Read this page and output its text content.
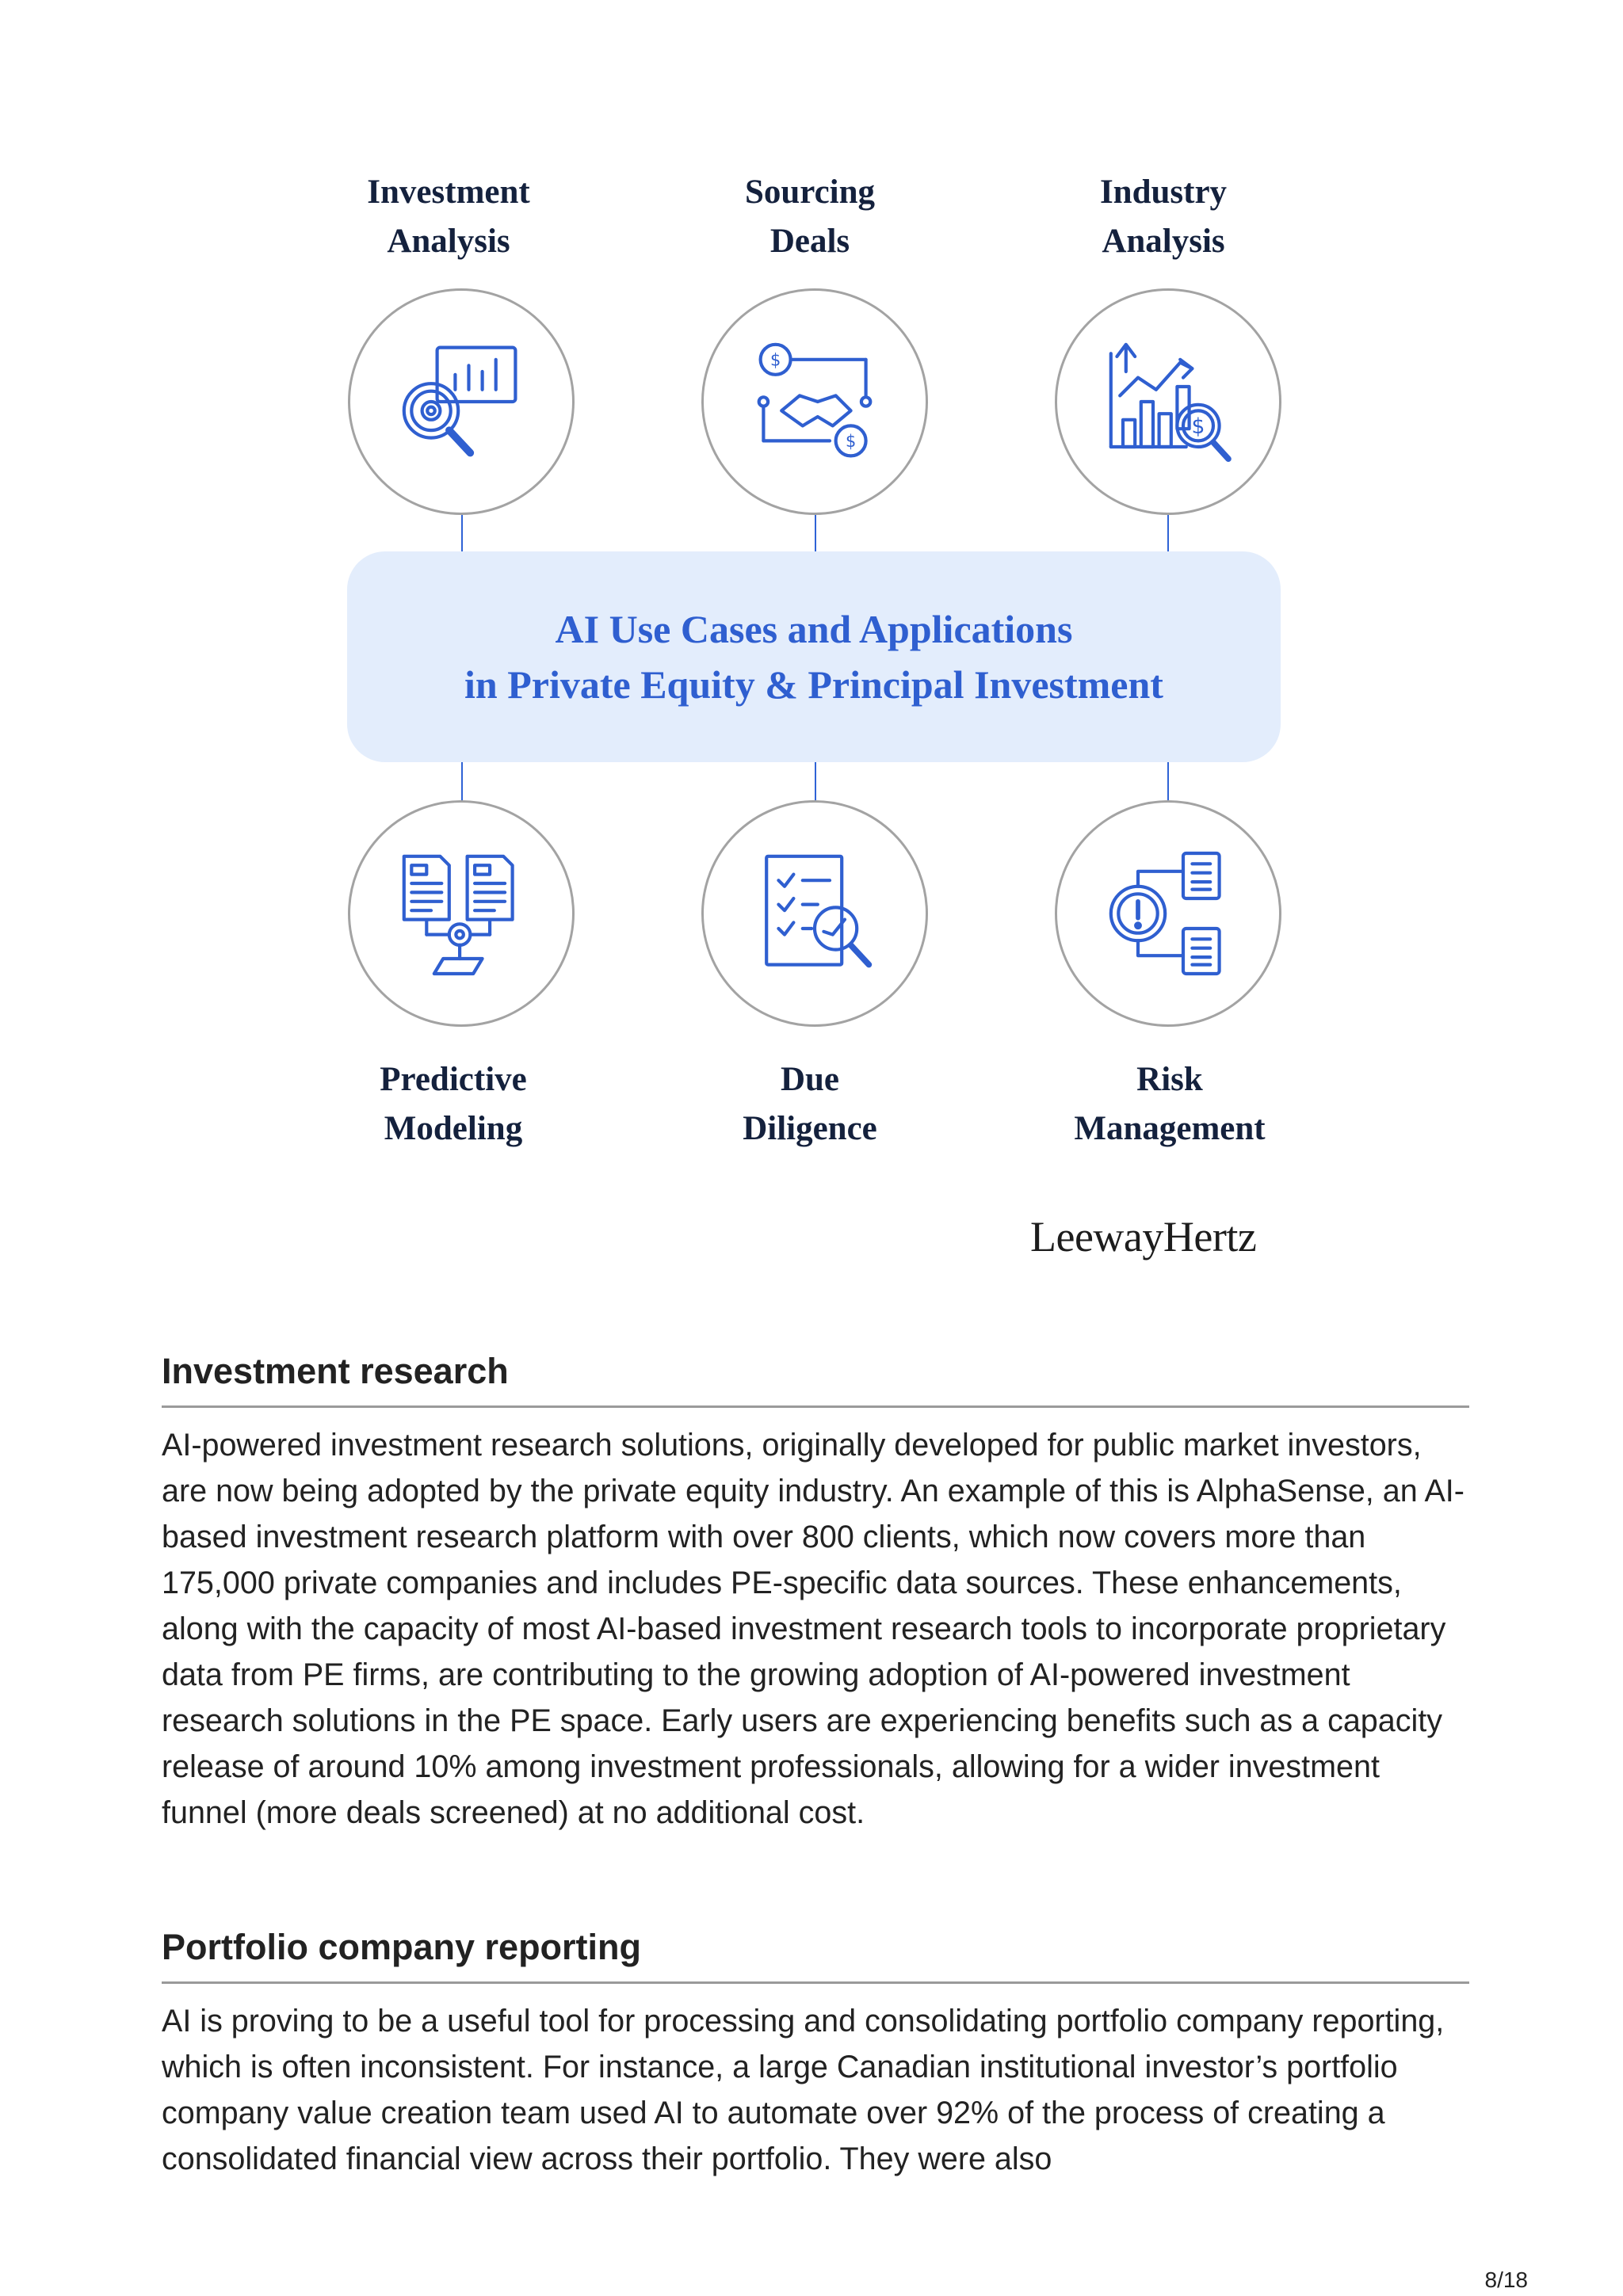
Investment
Analysis
Sourcing
Deals
Industry
Analysis
$
$
$
AI Use Cases and Applications
in Private Equity & Principal Investment
Predictive
Modeling
Due
Diligence
Risk
Management
LeewayHertz
Investment research

AI-powered investment research solutions, originally developed for public market investors, are now being adopted by the private equity industry. An example of this is AlphaSense, an AI-based investment research platform with over 800 clients, which now covers more than 175,000 private companies and includes PE-specific data sources. These enhancements, along with the capacity of most AI-based investment research tools to incorporate proprietary data from PE firms, are contributing to the growing adoption of AI-powered investment research solutions in the PE space. Early users are experiencing benefits such as a capacity release of around 10% among investment professionals, allowing for a wider investment funnel (more deals screened) at no additional cost.

Portfolio company reporting

AI is proving to be a useful tool for processing and consolidating portfolio company reporting, which is often inconsistent. For instance, a large Canadian institutional investor’s portfolio company value creation team used AI to automate over 92% of the process of creating a consolidated financial view across their portfolio. They were also

8/18
